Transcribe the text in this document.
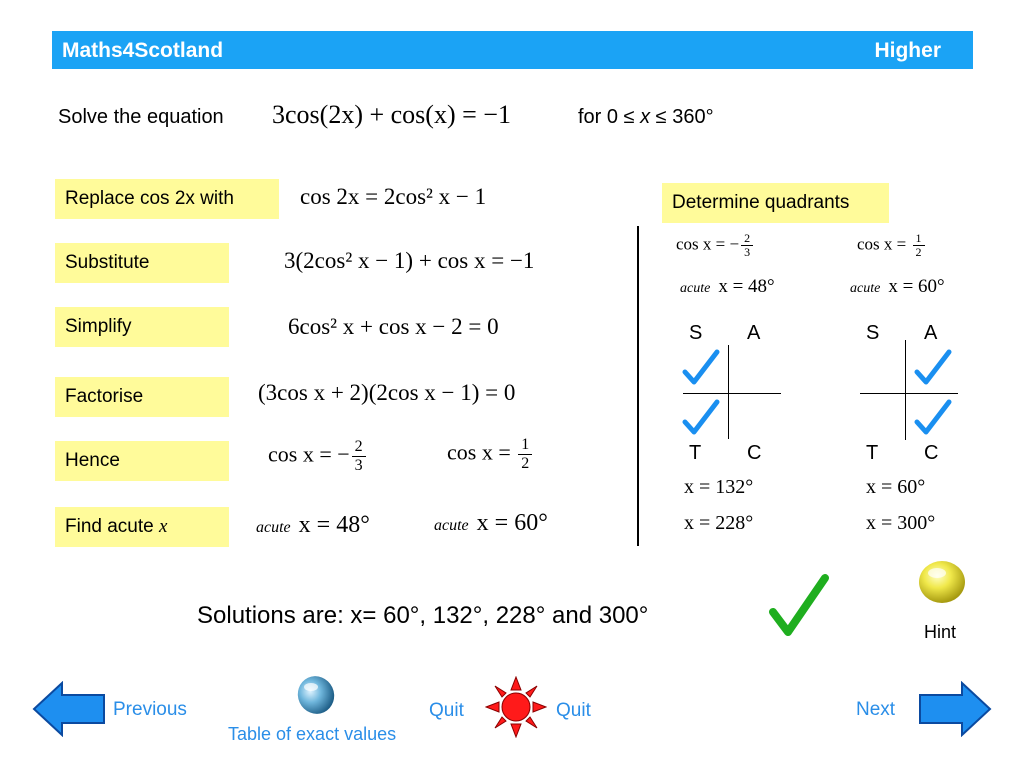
Maths4Scotland	Higher
Solve the equation 3cos(2x) + cos(x) = −1	for 0 ≤ x ≤ 360°
Replace cos 2x with	cos 2x = 2cos² x − 1
Substitute	3(2cos² x − 1) + cos x = −1
Simplify	6cos² x + cos x − 2 = 0
Factorise	(3cos x + 2)(2cos x − 1) = 0
Hence	cos x = − $\frac{2}{3}$	$\cos x = \frac{1}{2}$
Find acute x	acute x = 48°	acute x = 60°
Determine quadrants
cos x = − $\frac{2}{3}$
acute x = 48°
S A
T C
x = 132°
x = 228°
$\cos x = \frac{1}{2}$
acute x = 60°
S A
T C
x = 60°
x = 300°
Solutions are: x= 60°, 132°, 228° and 300°
Hint
Previous	Next
Table of exact values
Quit	Quit
